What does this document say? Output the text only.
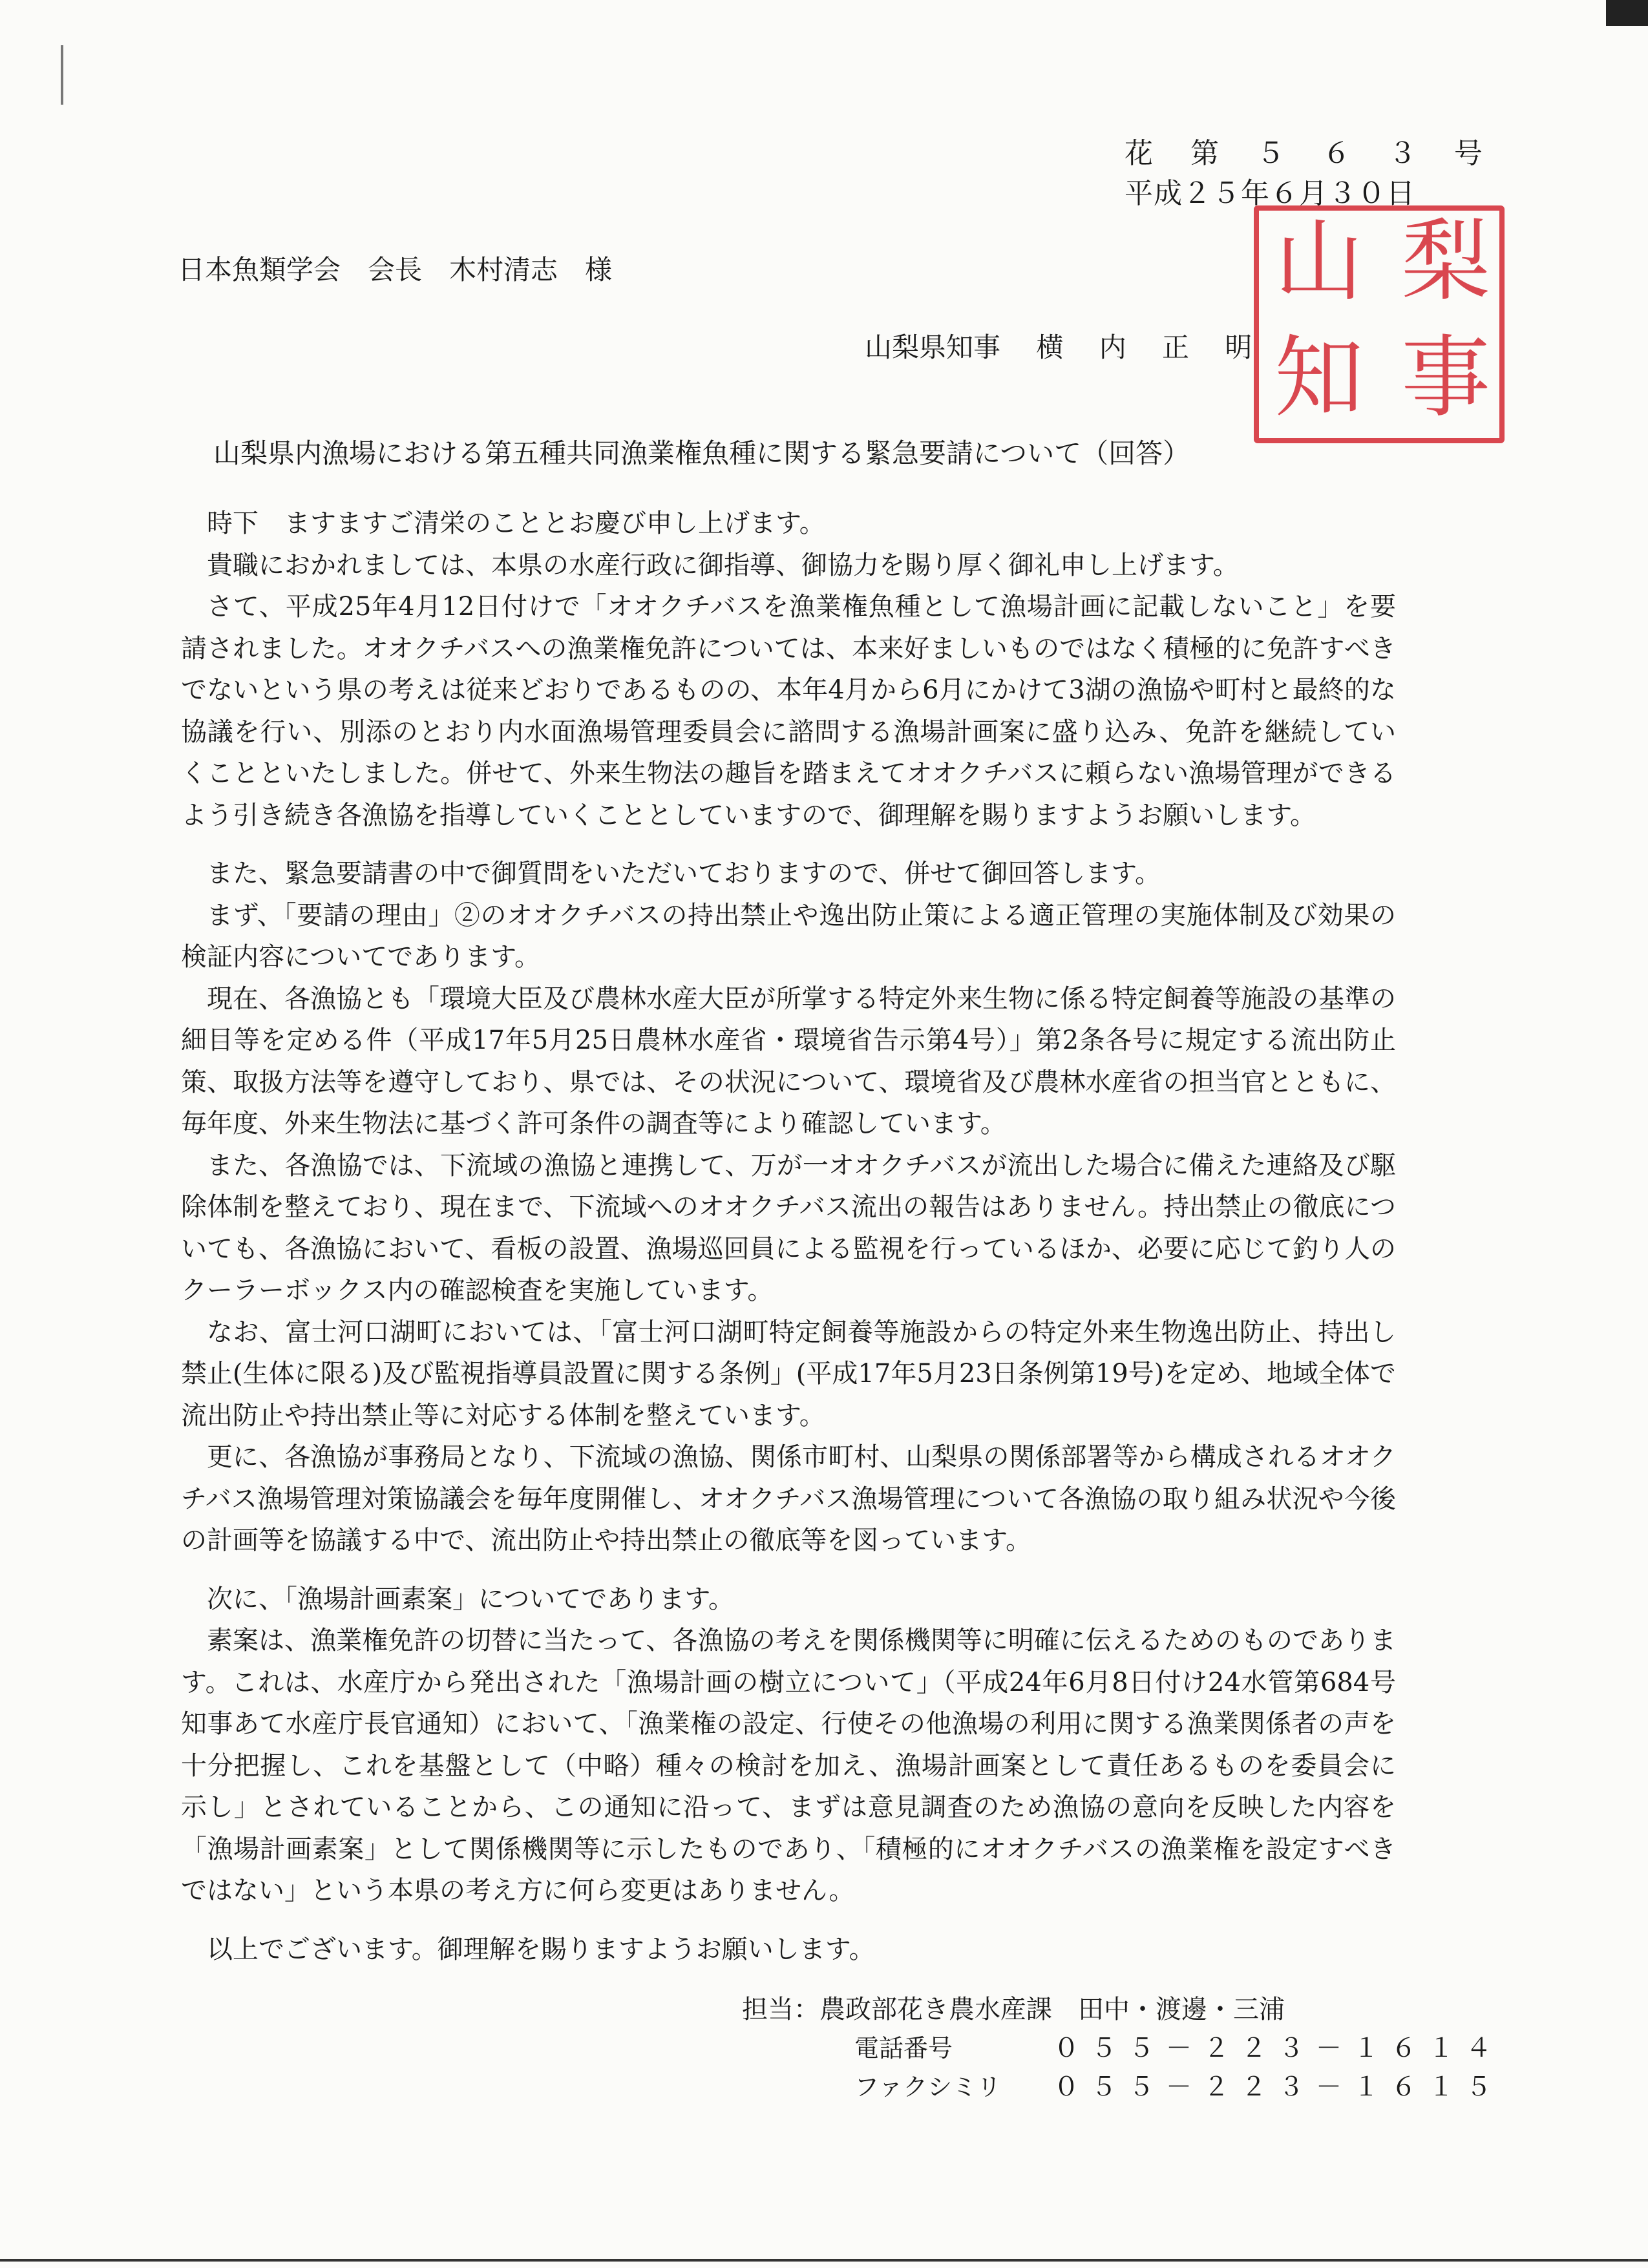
花 第 ５ ６ ３ 号
平成２５年６月３０日
日本魚類学会　会長　木村清志　様
山梨県知事　 横　 内　 正　 明
山 梨
知 事
山梨県内漁場における第五種共同漁業権魚種に関する緊急要請について（回答）

時下　ますますご清栄のこととお慶び申し上げます。

貴職におかれましては、本県の水産行政に御指導、御協力を賜り厚く御礼申し上げます。

さて、平成25年4月12日付けで「オオクチバスを漁業権魚種として漁場計画に記載しないこと」を要請されました。オオクチバスへの漁業権免許については、本来好ましいものではなく積極的に免許すべきでないという県の考えは従来どおりであるものの、本年4月から6月にかけて3湖の漁協や町村と最終的な協議を行い、別添のとおり内水面漁場管理委員会に諮問する漁場計画案に盛り込み、免許を継続していくことといたしました。併せて、外来生物法の趣旨を踏まえてオオクチバスに頼らない漁場管理ができるよう引き続き各漁協を指導していくこととしていますので、御理解を賜りますようお願いします。

また、緊急要請書の中で御質問をいただいておりますので、併せて御回答します。

まず、「要請の理由」②のオオクチバスの持出禁止や逸出防止策による適正管理の実施体制及び効果の検証内容についてであります。

現在、各漁協とも「環境大臣及び農林水産大臣が所掌する特定外来生物に係る特定飼養等施設の基準の細目等を定める件（平成17年5月25日農林水産省・環境省告示第4号）」第2条各号に規定する流出防止策、取扱方法等を遵守しており、県では、その状況について、環境省及び農林水産省の担当官とともに、毎年度、外来生物法に基づく許可条件の調査等により確認しています。

また、各漁協では、下流域の漁協と連携して、万が一オオクチバスが流出した場合に備えた連絡及び駆除体制を整えており、現在まで、下流域へのオオクチバス流出の報告はありません。持出禁止の徹底についても、各漁協において、看板の設置、漁場巡回員による監視を行っているほか、必要に応じて釣り人のクーラーボックス内の確認検査を実施しています。

なお、富士河口湖町においては、「富士河口湖町特定飼養等施設からの特定外来生物逸出防止、持出し禁止(生体に限る)及び監視指導員設置に関する条例」(平成17年5月23日条例第19号)を定め、地域全体で流出防止や持出禁止等に対応する体制を整えています。

更に、各漁協が事務局となり、下流域の漁協、関係市町村、山梨県の関係部署等から構成されるオオクチバス漁場管理対策協議会を毎年度開催し、オオクチバス漁場管理について各漁協の取り組み状況や今後の計画等を協議する中で、流出防止や持出禁止の徹底等を図っています。

次に、「漁場計画素案」についてであります。

素案は、漁業権免許の切替に当たって、各漁協の考えを関係機関等に明確に伝えるためのものであります。これは、水産庁から発出された「漁場計画の樹立について」（平成24年6月8日付け24水管第684号 知事あて水産庁長官通知）において、「漁業権の設定、行使その他漁場の利用に関する漁業関係者の声を十分把握し、これを基盤として（中略）種々の検討を加え、漁場計画案として責任あるものを委員会に示し」とされていることから、この通知に沿って、まずは意見調査のため漁協の意向を反映した内容を「漁場計画素案」として関係機関等に示したものであり、「積極的にオオクチバスの漁業権を設定すべきではない」という本県の考え方に何ら変更はありません。

以上でございます。御理解を賜りますようお願いします。

担当：農政部花き農水産課　田中・渡邊・三浦
電話番号	０５５－２２３－１６１４
ファクシミリ ０５５－２２３－１６１５
